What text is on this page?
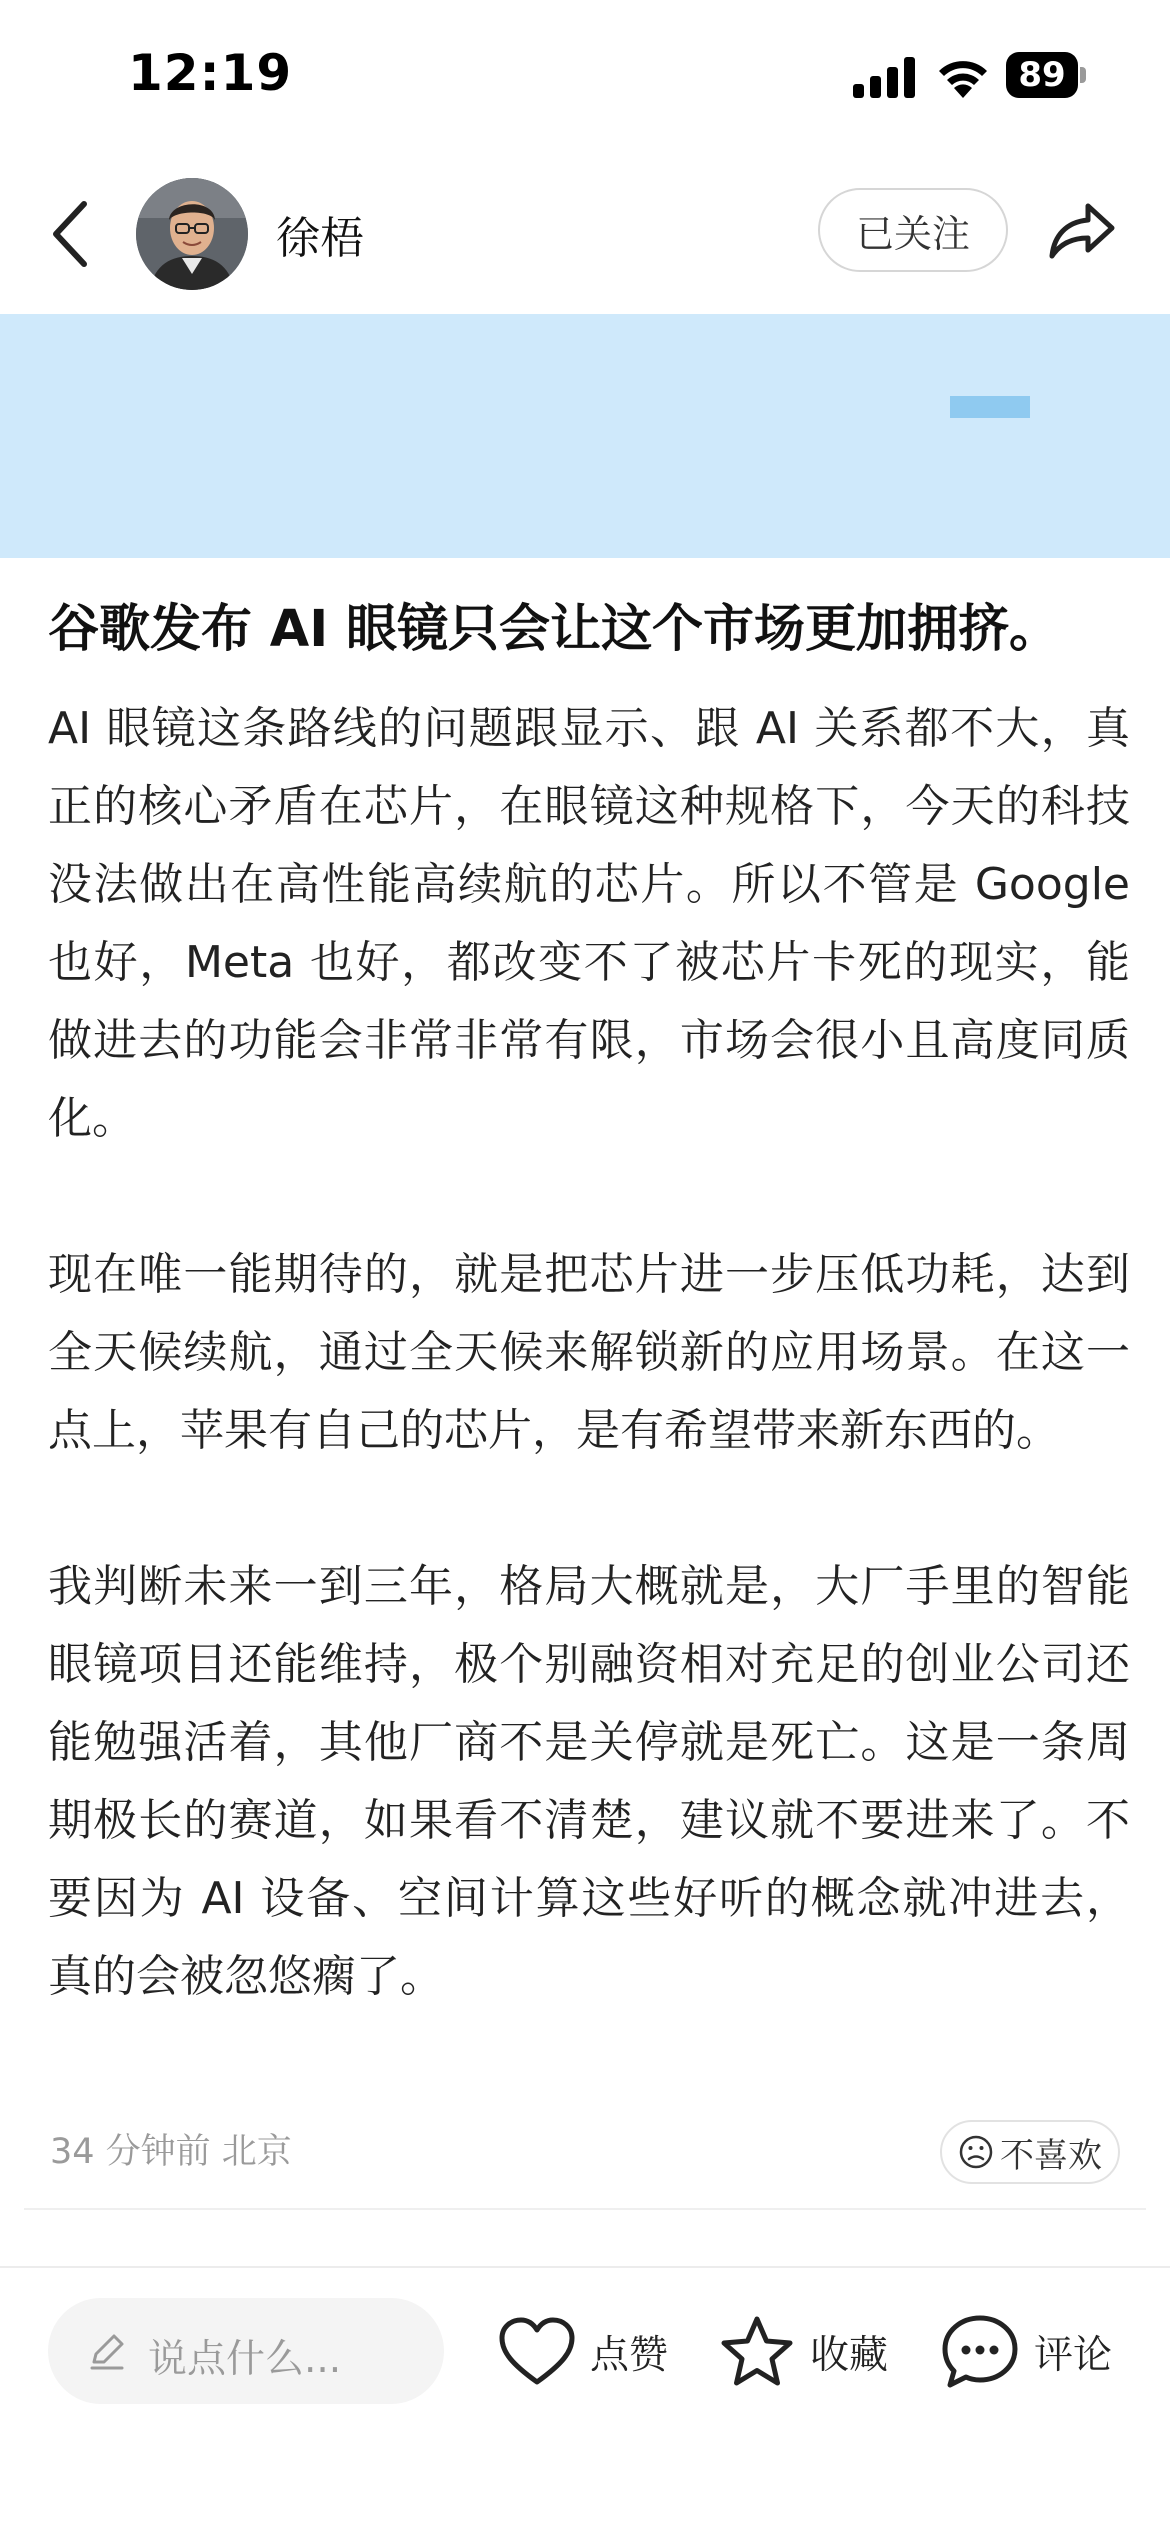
12:19	89
徐梧	已关注
谷歌发布 AI 眼镜只会让这个市场更加拥挤。

AI 眼镜这条路线的问题跟显示、跟 AI 关系都不大，真正的核心矛盾在芯片，在眼镜这种规格下，今天的科技没法做出在高性能高续航的芯片。所以不管是 Google 也好，Meta 也好，都改变不了被芯片卡死的现实，能做进去的功能会非常非常有限，市场会很小且高度同质化。

现在唯一能期待的，就是把芯片进一步压低功耗，达到全天候续航，通过全天候来解锁新的应用场景。在这一点上，苹果有自己的芯片，是有希望带来新东西的。

我判断未来一到三年，格局大概就是，大厂手里的智能眼镜项目还能维持，极个别融资相对充足的创业公司还能勉强活着，其他厂商不是关停就是死亡。这是一条周期极长的赛道，如果看不清楚，建议就不要进来了。不要因为 AI 设备、空间计算这些好听的概念就冲进去，真的会被忽悠瘸了。

34 分钟前 北京	不喜欢
说点什么...	点赞	收藏	评论
